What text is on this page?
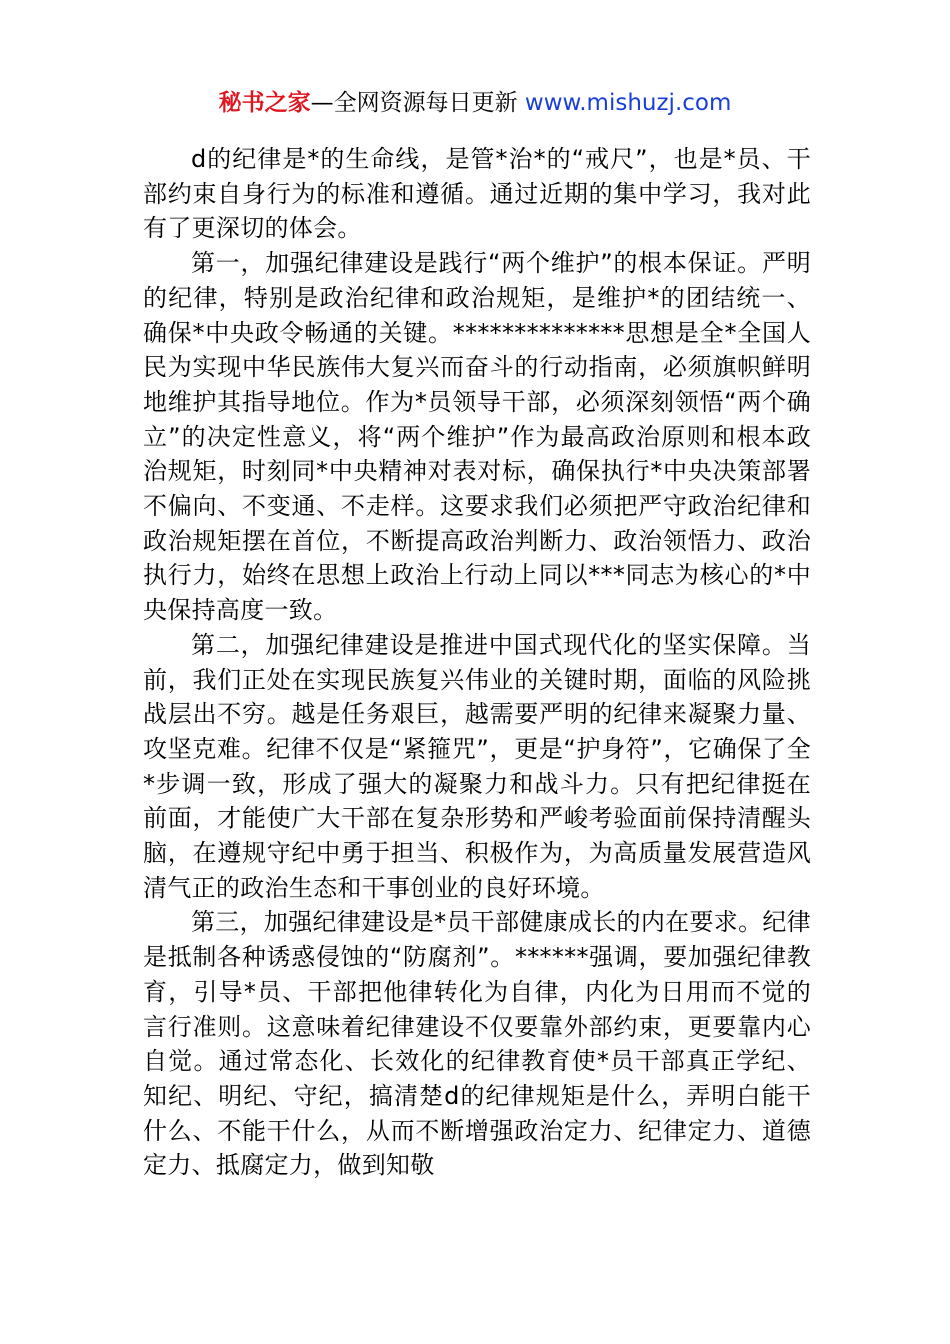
秘书之家—全网资源每日更新 www.mishuzj.com

d的纪律是*的生命线，是管*治*的“戒尺”，也是*员、干部约束自身行为的标准和遵循。通过近期的集中学习，我对此有了更深切的体会。

第一，加强纪律建设是践行“两个维护”的根本保证。严明的纪律，特别是政治纪律和政治规矩，是维护*的团结统一、确保*中央政令畅通的关键。**************思想是全*全国人民为实现中华民族伟大复兴而奋斗的行动指南，必须旗帜鲜明地维护其指导地位。作为*员领导干部，必须深刻领悟“两个确立”的决定性意义，将“两个维护”作为最高政治原则和根本政治规矩，时刻同*中央精神对表对标，确保执行*中央决策部署不偏向、不变通、不走样。这要求我们必须把严守政治纪律和政治规矩摆在首位，不断提高政治判断力、政治领悟力、政治执行力，始终在思想上政治上行动上同以***同志为核心的*中央保持高度一致。

第二，加强纪律建设是推进中国式现代化的坚实保障。当前，我们正处在实现民族复兴伟业的关键时期，面临的风险挑战层出不穷。越是任务艰巨，越需要严明的纪律来凝聚力量、攻坚克难。纪律不仅是“紧箍咒”，更是“护身符”，它确保了全*步调一致，形成了强大的凝聚力和战斗力。只有把纪律挺在前面，才能使广大干部在复杂形势和严峻考验面前保持清醒头脑，在遵规守纪中勇于担当、积极作为，为高质量发展营造风清气正的政治生态和干事创业的良好环境。

第三，加强纪律建设是*员干部健康成长的内在要求。纪律是抵制各种诱惑侵蚀的“防腐剂”。******强调，要加强纪律教育，引导*员、干部把他律转化为自律，内化为日用而不觉的言行准则。这意味着纪律建设不仅要靠外部约束，更要靠内心自觉。通过常态化、长效化的纪律教育使*员干部真正学纪、知纪、明纪、守纪，搞清楚d的纪律规矩是什么，弄明白能干什么、不能干什么，从而不断增强政治定力、纪律定力、道德定力、抵腐定力，做到知敬
